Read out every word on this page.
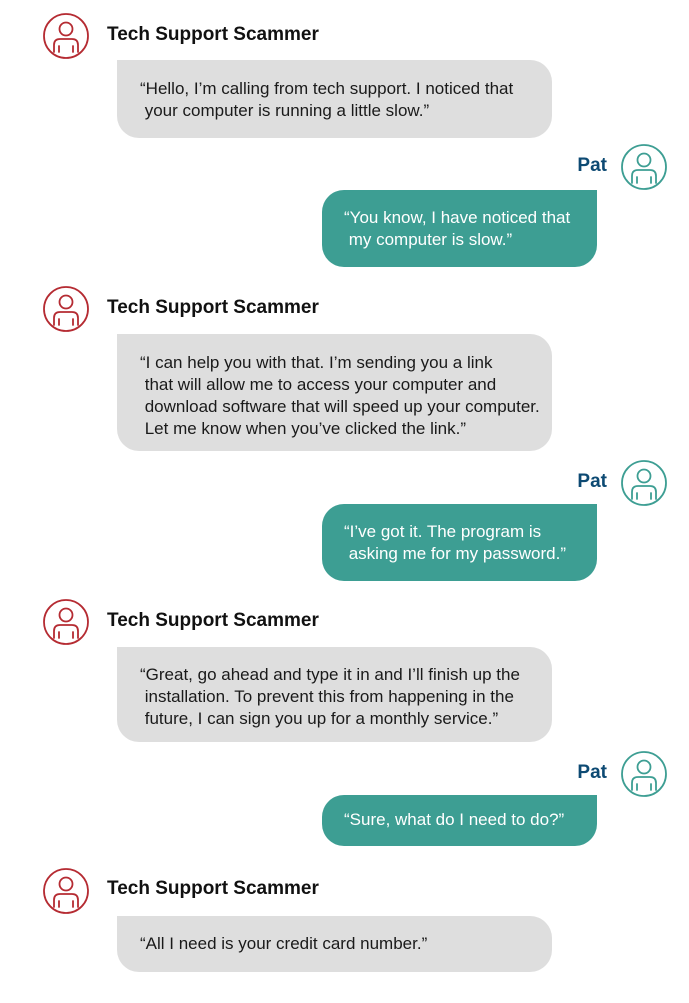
Tech Support Scammer
“Hello, I’m calling from tech support. I noticed that
your computer is running a little slow.”
Pat
“You know, I have noticed that
my computer is slow.”
Tech Support Scammer
“I can help you with that. I’m sending you a link
that will allow me to access your computer and
download software that will speed up your computer.
Let me know when you’ve clicked the link.”
Pat
“I’ve got it. The program is
asking me for my password.”
Tech Support Scammer
“Great, go ahead and type it in and I’ll finish up the
installation. To prevent this from happening in the
future, I can sign you up for a monthly service.”
Pat
“Sure, what do I need to do?”
Tech Support Scammer
“All I need is your credit card number.”
